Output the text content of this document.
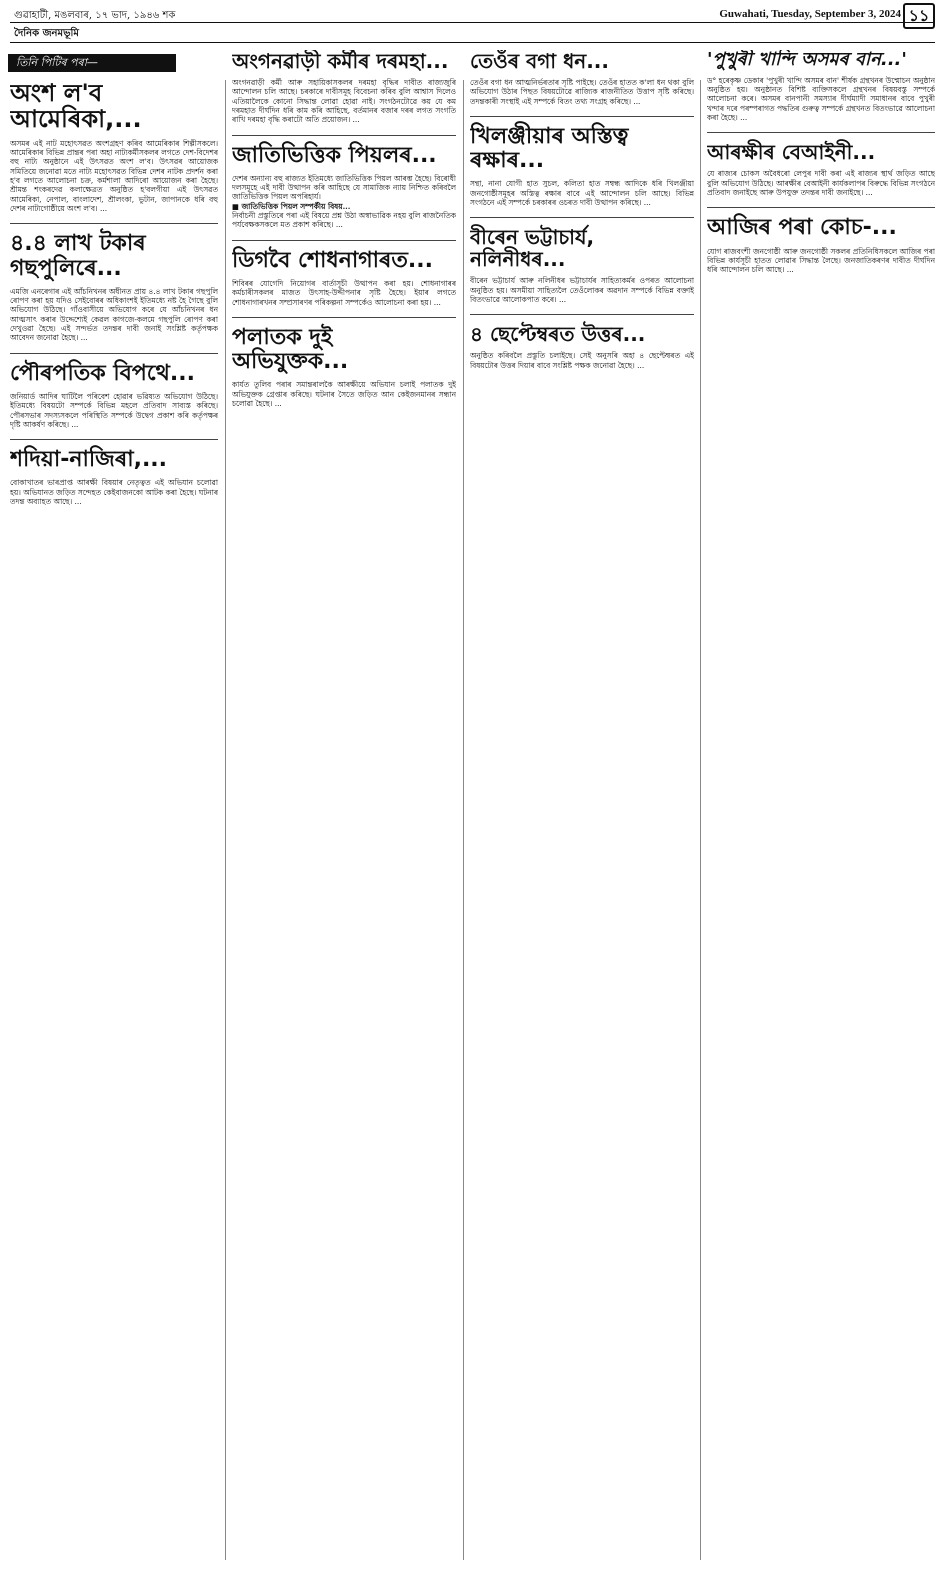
গুৱাহাটী, মঙলবাৰ, ১৭ ভাদ, ১৯৪৬ শক	Guwahati, Tuesday, September 3, 2024 ১১
দৈনিক জনমভূমি
তিনি পিটিৰ পৰা—
অংশ ল'ব আমেৰিকা,...

অসমৰ এই নাট মহোৎসৱত অংশগ্ৰহণ কৰিব আমেৰিকাৰ শিল্পীসকলে। আমেৰিকাৰ বিভিন্ন প্ৰান্তৰ পৰা অহা নাট্যকৰ্মীসকলৰ লগতে দেশ-বিদেশৰ বহু নাট্য অনুষ্ঠানে এই উৎসৱত অংশ ল'ব। উৎসৱৰ আয়োজক সমিতিয়ে জনোৱা মতে নাট্য মহোৎসৱত বিভিন্ন দেশৰ নাটক প্ৰদৰ্শন কৰা হ'ব লগতে আলোচনা চক্ৰ, কৰ্মশালা আদিৰো আয়োজন কৰা হৈছে। শ্ৰীমন্ত শংকৰদেৱ কলাক্ষেত্ৰত অনুষ্ঠিত হ'বলগীয়া এই উৎসৱত আমেৰিকা, নেপাল, বাংলাদেশ, শ্ৰীলংকা, ভুটান, জাপানকে ধৰি বহু দেশৰ নাট্যগোষ্ঠীয়ে অংশ ল'ব। ...

৪.৪ লাখ টকাৰ গছপুলিৰে...

এমজি এনৰেগাৰ এই আঁচনিখনৰ অধীনত প্ৰায় ৪.৪ লাখ টকাৰ গছপুলি ৰোপণ কৰা হয় যদিও সেইবোৰৰ অধিকাংশই ইতিমধ্যে নষ্ট হৈ গৈছে বুলি অভিযোগ উঠিছে। গাঁওবাসীয়ে অভিযোগ কৰে যে আঁচনিখনৰ ধন আত্মসাৎ কৰাৰ উদ্দেশ্যেই কেৱল কাগজে-কলমে গছপুলি ৰোপণ কৰা দেখুওৱা হৈছে। এই সন্দৰ্ভত তদন্তৰ দাবী জনাই সংশ্লিষ্ট কৰ্তৃপক্ষক আবেদন জনোৱা হৈছে। ...

পৌৰপতিক বিপথে...

জনিয়াৰ্ড আদিৰ ঘাটিলৈ পৰিবেশ হোৱাৰ ভৱিষ্যত অভিযোগ উঠিছে। ইতিমধ্যে বিষয়টো সম্পৰ্কে বিভিন্ন মহলে প্ৰতিবাদ সাব্যস্ত কৰিছে। পৌৰসভাৰ সদস্যসকলে পৰিস্থিতি সম্পৰ্কে উদ্বেগ প্ৰকাশ কৰি কৰ্তৃপক্ষৰ দৃষ্টি আকৰ্ষণ কৰিছে। ...

শদিয়া-নাজিৰা,...

বোকাখাতৰ ভাৰপ্ৰাপ্ত আৰক্ষী বিষয়াৰ নেতৃত্বত এই অভিযান চলোৱা হয়। অভিযানত জড়িত সন্দেহত কেইবাজনকো আটক কৰা হৈছে। ঘটনাৰ তদন্ত অব্যাহত আছে। ...

অংগনৱাড়ী কৰ্মীৰ দৰমহা...

অংগনৱাড়ী কৰ্মী আৰু সহায়িকাসকলৰ দৰমহা বৃদ্ধিৰ দাবীত ৰাজ্যজুৰি আন্দোলন চলি আছে। চৰকাৰে দাবীসমূহ বিবেচনা কৰিব বুলি আশ্বাস দিলেও এতিয়ালৈকে কোনো সিদ্ধান্ত লোৱা হোৱা নাই। সংগঠনটোৱে কয় যে কম দৰমহাত দীৰ্ঘদিন ধৰি কাম কৰি আহিছে, বৰ্তমানৰ বজাৰ দৰৰ লগত সংগতি ৰাখি দৰমহা বৃদ্ধি কৰাটো অতি প্ৰয়োজন। ...

জাতিভিত্তিক পিয়লৰ...

দেশৰ অন্যান্য বহু ৰাজ্যত ইতিমধ্যে জাতিভিত্তিক পিয়ল আৰম্ভ হৈছে। বিৰোধী দলসমূহে এই দাবী উত্থাপন কৰি আহিছে যে সামাজিক ন্যায় নিশ্চিত কৰিবলৈ জাতিভিত্তিক পিয়ল অপৰিহাৰ্য।

■ জাতিভিত্তিক পিয়ল সম্পৰ্কীয় বিষয়...

নিৰ্বাচনী প্ৰস্তুতিৰে পৰা এই বিষয়ে প্ৰশ্ন উঠা অস্বাভাৱিক নহয় বুলি ৰাজনৈতিক পৰ্যবেক্ষকসকলে মত প্ৰকাশ কৰিছে। ...

ডিগবৈ শোধনাগাৰত...

শিবিৰৰ যোগেদি নিয়োগৰ বাৰ্তাসূচী উত্থাপন কৰা হয়। শোধনাগাৰৰ কৰ্মচাৰীসকলৰ মাজত উৎসাহ-উদ্দীপনাৰ সৃষ্টি হৈছে। ইয়াৰ লগতে শোধনাগাৰখনৰ সম্প্ৰসাৰণৰ পৰিকল্পনা সম্পৰ্কেও আলোচনা কৰা হয়। ...

পলাতক দুই অভিযুক্তক...

কাৰ্যত তুলিব পৰাৰ সমান্তৰালকৈ আৰক্ষীয়ে অভিযান চলাই পলাতক দুই অভিযুক্তক গ্ৰেপ্তাৰ কৰিছে। ঘটনাৰ সৈতে জড়িত আন কেইজনমানৰ সন্ধান চলোৱা হৈছে। ...

তেওঁৰ বগা ধন...

তেওঁৰ বগা ধন আত্মনিৰ্ভৰতাৰ সৃষ্টি পাইছে। তেওঁৰ হাতত ক'লা ধন থকা বুলি অভিযোগ উঠাৰ পিছত বিষয়টোৱে ৰাজ্যিক ৰাজনীতিত উত্তাপ সৃষ্টি কৰিছে। তদন্তকাৰী সংস্থাই এই সম্পৰ্কে বিতং তথ্য সংগ্ৰহ কৰিছে। ...

খিলঞ্জীয়াৰ অস্তিত্ব ৰক্ষাৰ...

সন্থা, নানা যোগী হাত সুচল, কলিতা হাত সম্বন্ধ আদিকে ধৰি খিলঞ্জীয়া জনগোষ্ঠীসমূহৰ অস্তিত্ব ৰক্ষাৰ বাবে এই আন্দোলন চলি আছে। বিভিন্ন সংগঠনে এই সম্পৰ্কে চৰকাৰৰ ওচৰত দাবী উত্থাপন কৰিছে। ...

বীৰেন ভট্টাচাৰ্য, নলিনীধৰ...

বীৰেন ভট্টাচাৰ্য আৰু নলিনীধৰ ভট্টাচাৰ্যৰ সাহিত্যকৰ্মৰ ওপৰত আলোচনা অনুষ্ঠিত হয়। অসমীয়া সাহিত্যলৈ তেওঁলোকৰ অৱদান সম্পৰ্কে বিভিন্ন বক্তাই বিতংভাৱে আলোকপাত কৰে। ...

৪ ছেপ্টেম্বৰত উত্তৰ...

অনুষ্ঠিত কৰিবলৈ প্ৰস্তুতি চলাইছে। সেই অনুসৰি অহা ৪ ছেপ্টেম্বৰত এই বিষয়টোৰ উত্তৰ দিয়াৰ বাবে সংশ্লিষ্ট পক্ষক জনোৱা হৈছে। ...

'পুখুৰী খান্দি অসমৰ বান...'

ড° হৰেকৃষ্ণ ডেকাৰ 'পুখুৰী খান্দি অসমৰ বান' শীৰ্ষক গ্ৰন্থখনৰ উন্মোচন অনুষ্ঠান অনুষ্ঠিত হয়। অনুষ্ঠানত বিশিষ্ট ব্যক্তিসকলে গ্ৰন্থখনৰ বিষয়বস্তু সম্পৰ্কে আলোচনা কৰে। অসমৰ বানপানী সমস্যাৰ দীৰ্ঘম্যাদী সমাধানৰ বাবে পুখুৰী খন্দাৰ দৰে পৰম্পৰাগত পদ্ধতিৰ গুৰুত্ব সম্পৰ্কে গ্ৰন্থখনত বিতংভাৱে আলোচনা কৰা হৈছে। ...

আৰক্ষীৰ বেআইনী...

যে ৰাজ্যৰ চোকস অবৈধৰো লেপুৰ দাবী কৰা এই ৰাজ্যৰ স্থাৰ্থ জড়িত আছে বুলি অভিযোগ উঠিছে। আৰক্ষীৰ বেআইনী কাৰ্যকলাপৰ বিৰুদ্ধে বিভিন্ন সংগঠনে প্ৰতিবাদ জনাইছে আৰু উপযুক্ত তদন্তৰ দাবী জনাইছে। ...

আজিৰ পৰা কোচ-...

যোগ ৰাজবংশী জনগোষ্ঠী আৰু জনগোষ্ঠী সকলৰ প্ৰতিনিধিসকলে আজিৰ পৰা বিভিন্ন কাৰ্যসূচী হাতত লোৱাৰ সিদ্ধান্ত লৈছে। জনজাতিকৰণৰ দাবীত দীৰ্ঘদিন ধৰি আন্দোলন চলি আছে। ...
